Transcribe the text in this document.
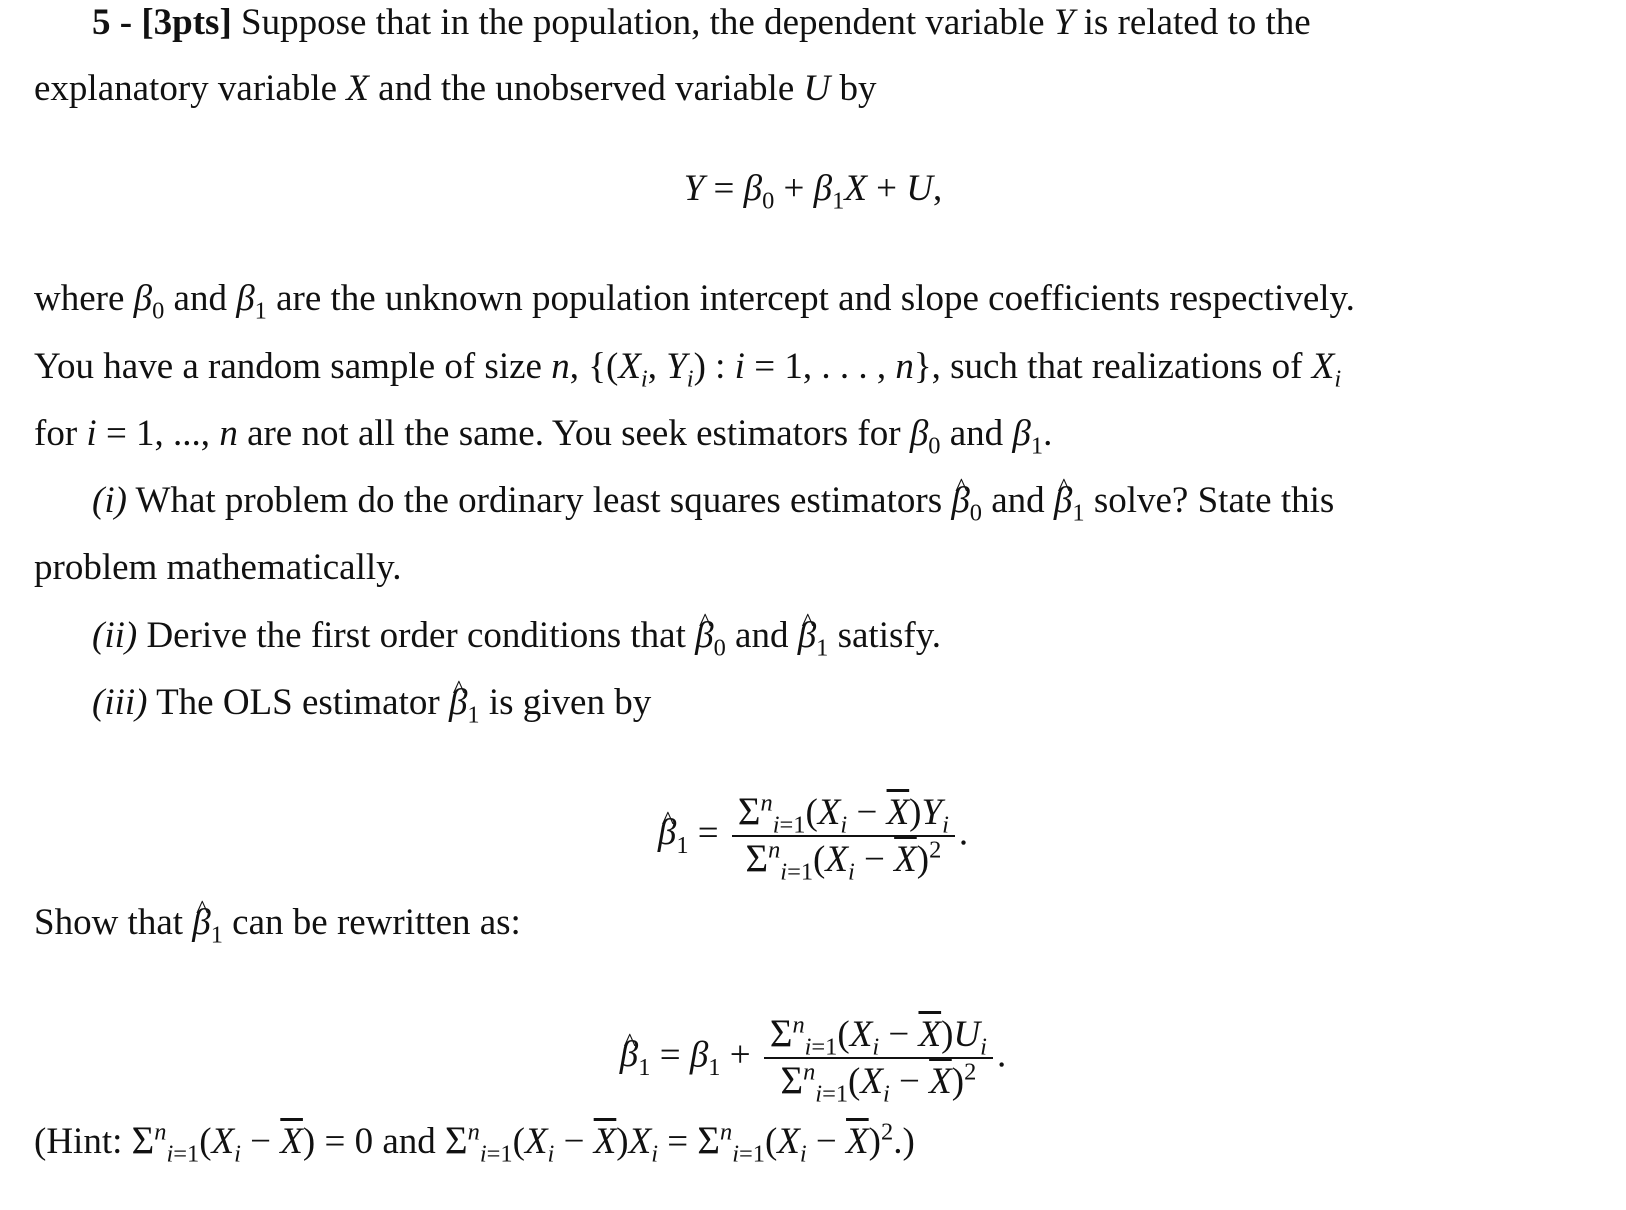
5 - [3pts] Suppose that in the population, the dependent variable Y is related to the
explanatory variable X and the unobserved variable U by
$Y = \beta_0 + \beta_1X + U$,
where $\beta_0$ and $\beta_1$ are the unknown population intercept and slope coefficients respectively.
You have a random sample of size n, {($X_i$, $Y_i$) : i = 1, . . . , n}, such that realizations of $X_i$
for i = 1, ..., n are not all the same. You seek estimators for $\beta_0$ and $\beta_1$.
(i) What problem do the ordinary least squares estimators ^ $\beta_0$ and ^ $\beta_1$ solve? State this
problem mathematically.
(ii) Derive the first order conditions that ^ $\beta_0$ and ^ $\beta_1$ satisfy.
(iii) The OLS estimator ^ $\beta_1$ is given by
^ $\beta_1 = \frac{\Sigma^n_{i=1}(X_i - \overline{X})Y_i}{\Sigma^n_{i=1}(X_i - \overline{X})^2}$ .
Show that ^ $\beta_1$ can be rewritten as:
^ $\beta_1 = \beta_1 + \frac{\Sigma^n_{i=1}(X_i - \overline{X})U_i}{\Sigma^n_{i=1}(X_i - \overline{X})^2}$ .
(Hint: $\Sigma^n_{i=1}(X_i - \overline{X}) = 0$ and $\Sigma^n_{i=1}(X_i - \overline{X})X_i = \Sigma^n_{i=1}(X_i - \overline{X})^2$.)
